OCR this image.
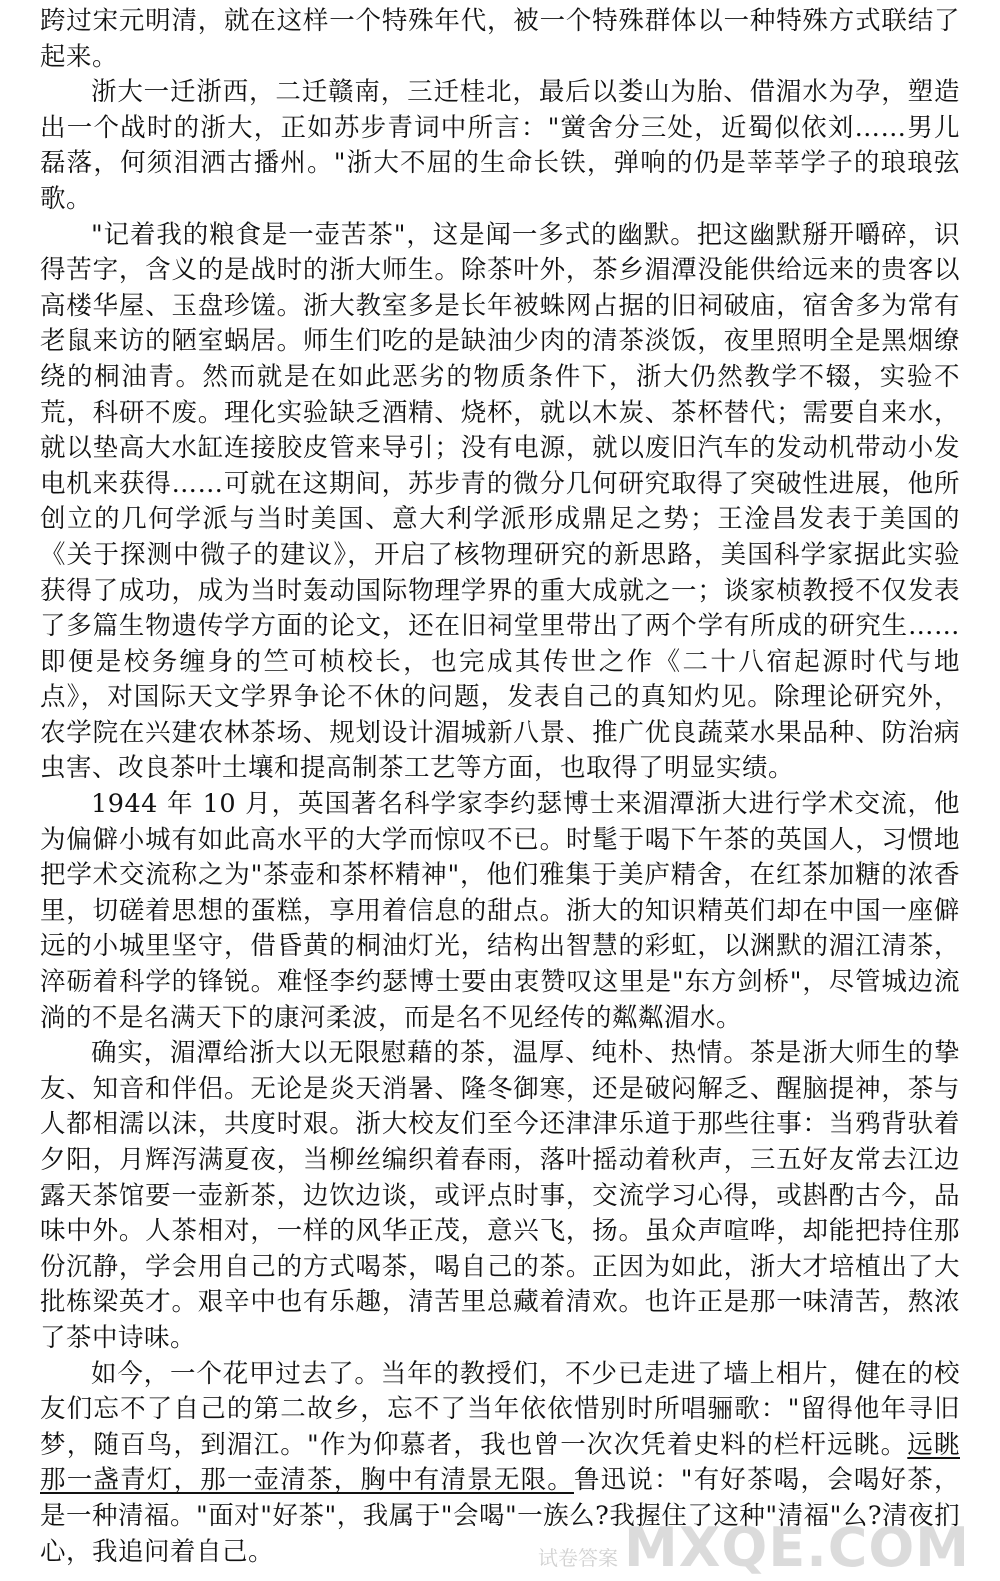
跨过宋元明清，就在这样一个特殊年代，被一个特殊群体以一种特殊方式联结了起来。

浙大一迁浙西，二迁赣南，三迁桂北，最后以娄山为胎、借湄水为孕，塑造出一个战时的浙大，正如苏步青词中所言："黉舍分三处，近蜀似依刘……男儿磊落，何须泪洒古播州。"浙大不屈的生命长铁，弹响的仍是莘莘学子的琅琅弦歌。

"记着我的粮食是一壶苦茶"，这是闻一多式的幽默。把这幽默掰开嚼碎，识得苦字，含义的是战时的浙大师生。除茶叶外，茶乡湄潭没能供给远来的贵客以高楼华屋、玉盘珍馐。浙大教室多是长年被蛛网占据的旧祠破庙，宿舍多为常有老鼠来访的陋室蜗居。师生们吃的是缺油少肉的清茶淡饭，夜里照明全是黑烟缭绕的桐油青。然而就是在如此恶劣的物质条件下，浙大仍然教学不辍，实验不荒，科研不废。理化实验缺乏酒精、烧杯，就以木炭、茶杯替代；需要自来水，就以垫高大水缸连接胶皮管来导引；没有电源，就以废旧汽车的发动机带动小发电机来获得……可就在这期间，苏步青的微分几何研究取得了突破性进展，他所创立的几何学派与当时美国、意大利学派形成鼎足之势；王淦昌发表于美国的《关于探测中微子的建议》，开启了核物理研究的新思路，美国科学家据此实验获得了成功，成为当时轰动国际物理学界的重大成就之一；谈家桢教授不仅发表了多篇生物遗传学方面的论文，还在旧祠堂里带出了两个学有所成的研究生……即便是校务缠身的竺可桢校长，也完成其传世之作《二十八宿起源时代与地点》，对国际天文学界争论不休的问题，发表自己的真知灼见。除理论研究外，农学院在兴建农林茶场、规划设计湄城新八景、推广优良蔬菜水果品种、防治病虫害、改良茶叶土壤和提高制茶工艺等方面，也取得了明显实绩。

1944 年 10 月，英国著名科学家李约瑟博士来湄潭浙大进行学术交流，他为偏僻小城有如此高水平的大学而惊叹不已。时髦于喝下午茶的英国人，习惯地把学术交流称之为"茶壶和茶杯精神"，他们雅集于美庐精舍，在红茶加糖的浓香里，切磋着思想的蛋糕，享用着信息的甜点。浙大的知识精英们却在中国一座僻远的小城里坚守，借昏黄的桐油灯光，结构出智慧的彩虹，以渊默的湄江清茶，淬砺着科学的锋锐。难怪李约瑟博士要由衷赞叹这里是"东方剑桥"，尽管城边流淌的不是名满天下的康河柔波，而是名不见经传的粼粼湄水。

确实，湄潭给浙大以无限慰藉的茶，温厚、纯朴、热情。茶是浙大师生的挚友、知音和伴侣。无论是炎天消暑、隆冬御寒，还是破闷解乏、醒脑提神，茶与人都相濡以沫，共度时艰。浙大校友们至今还津津乐道于那些往事：当鸦背驮着夕阳，月辉泻满夏夜，当柳丝编织着春雨，落叶摇动着秋声，三五好友常去江边露天茶馆要一壶新茶，边饮边谈，或评点时事，交流学习心得，或斟酌古今，品味中外。人茶相对，一样的风华正茂，意兴飞，扬。虽众声喧哗，却能把持住那份沉静，学会用自己的方式喝茶，喝自己的茶。正因为如此，浙大才培植出了大批栋梁英才。艰辛中也有乐趣，清苦里总藏着清欢。也许正是那一味清苦，熬浓了茶中诗味。

如今，一个花甲过去了。当年的教授们，不少已走进了墙上相片，健在的校友们忘不了自己的第二故乡，忘不了当年依依惜别时所唱骊歌："留得他年寻旧梦，随百鸟，到湄江。"作为仰慕者，我也曾一次次凭着史料的栏杆远眺。远眺那一盏青灯，那一壶清茶，胸中有清景无限。鲁迅说："有好茶喝，会喝好茶，是一种清福。"面对"好茶"，我属于"会喝"一族么?我握住了这种"清福"么?清夜扪心，我追问着自己。	试卷答案 MXQE.COM
